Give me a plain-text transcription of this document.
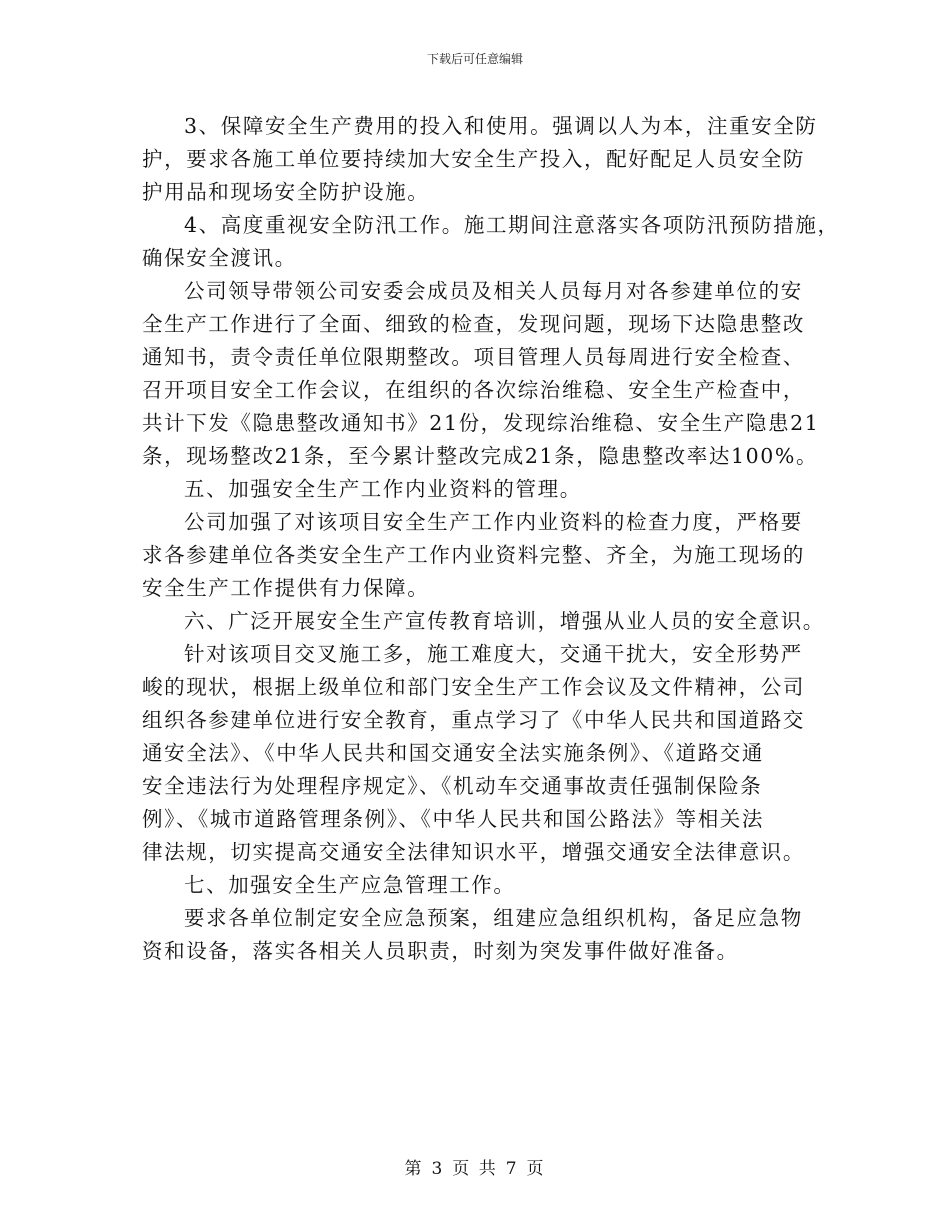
下载后可任意编辑

3、保障安全生产费用的投入和使用。强调以人为本，注重安全防
护，要求各施工单位要持续加大安全生产投入，配好配足人员安全防
护用品和现场安全防护设施。

4、高度重视安全防汛工作。施工期间注意落实各项防汛预防措施，
确保安全渡讯。

公司领导带领公司安委会成员及相关人员每月对各参建单位的安
全生产工作进行了全面、细致的检查，发现问题，现场下达隐患整改
通知书，责令责任单位限期整改。项目管理人员每周进行安全检查、
召开项目安全工作会议，在组织的各次综治维稳、安全生产检查中，
共计下发《隐患整改通知书》21份，发现综治维稳、安全生产隐患21
条，现场整改21条，至今累计整改完成21条，隐患整改率达100%。

五、加强安全生产工作内业资料的管理。

公司加强了对该项目安全生产工作内业资料的检查力度，严格要
求各参建单位各类安全生产工作内业资料完整、齐全，为施工现场的
安全生产工作提供有力保障。

六、广泛开展安全生产宣传教育培训，增强从业人员的安全意识。

针对该项目交叉施工多，施工难度大，交通干扰大，安全形势严
峻的现状，根据上级单位和部门安全生产工作会议及文件精神，公司
组织各参建单位进行安全教育，重点学习了《中华人民共和国道路交
通安全法》、《中华人民共和国交通安全法实施条例》、《道路交通
安全违法行为处理程序规定》、《机动车交通事故责任强制保险条
例》、《城市道路管理条例》、《中华人民共和国公路法》等相关法
律法规，切实提高交通安全法律知识水平，增强交通安全法律意识。

七、加强安全生产应急管理工作。

要求各单位制定安全应急预案，组建应急组织机构，备足应急物
资和设备，落实各相关人员职责，时刻为突发事件做好准备。

第 3 页 共 7 页
